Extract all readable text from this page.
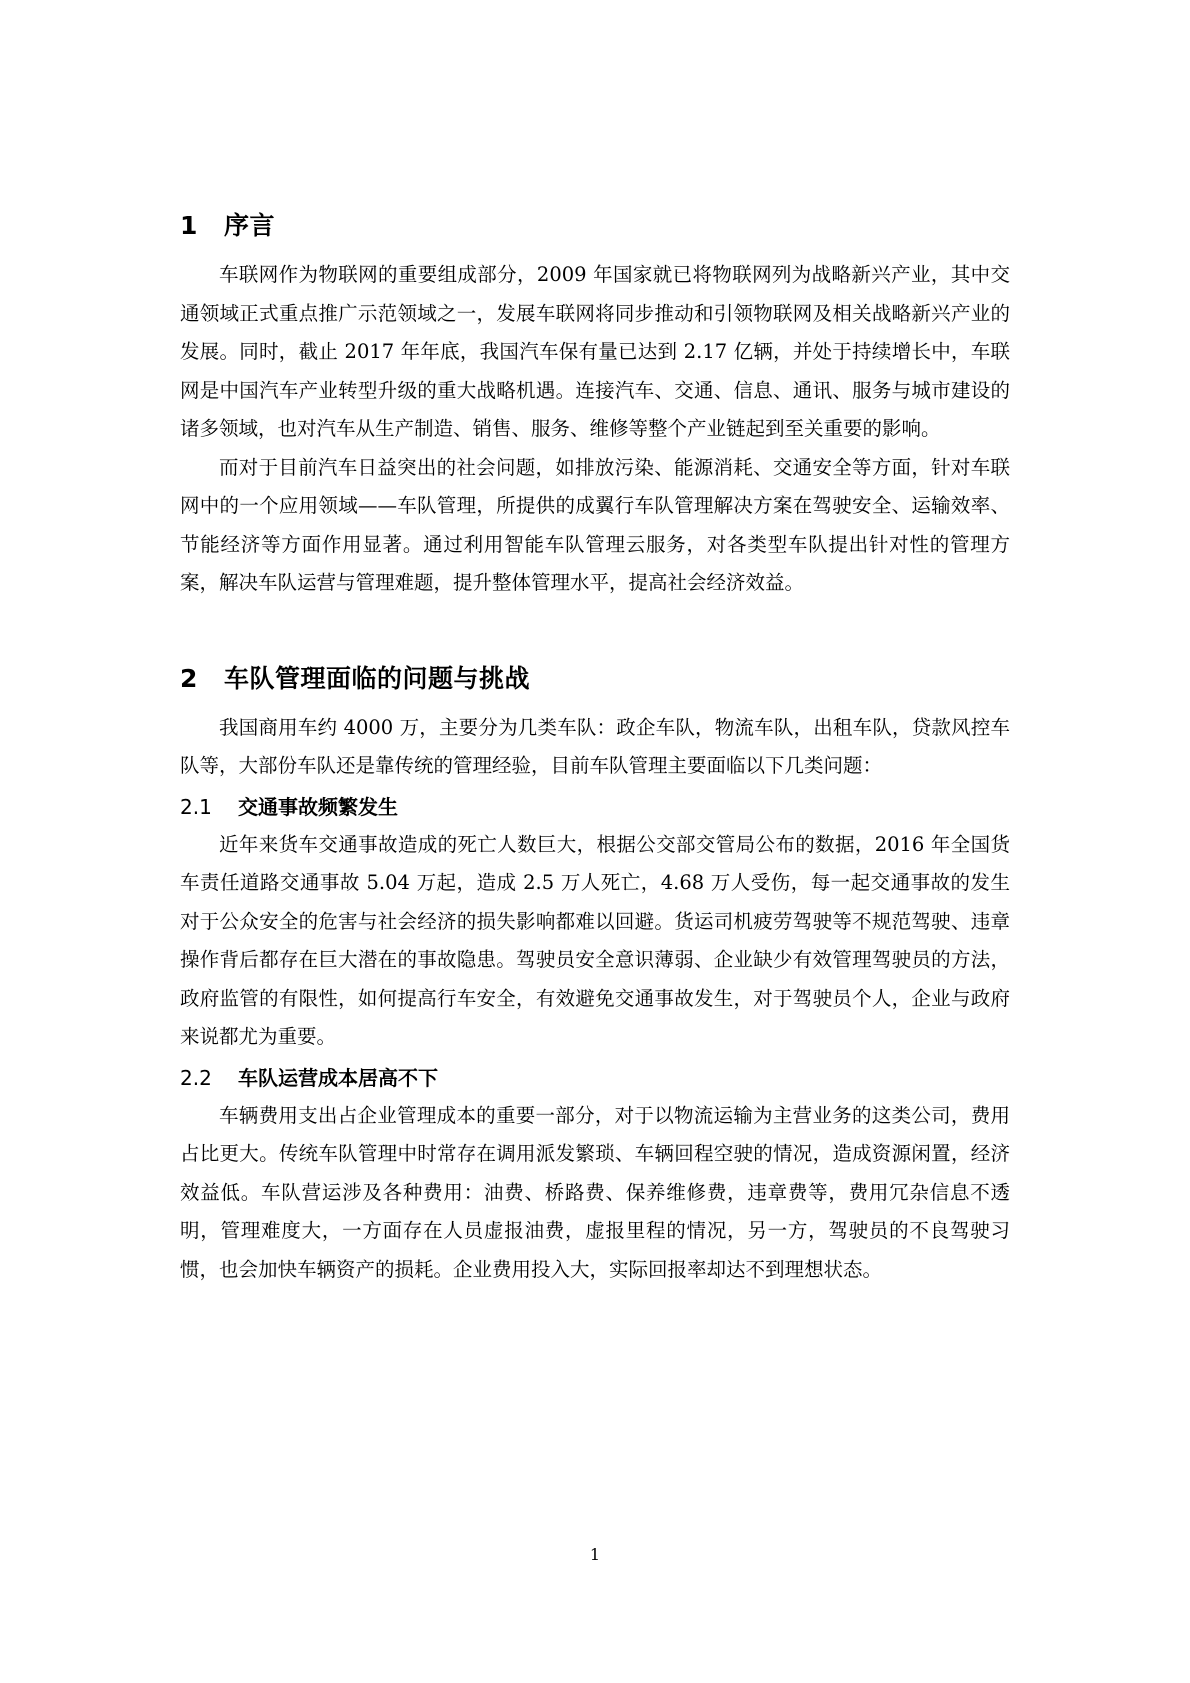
1 序言

车联网作为物联网的重要组成部分，2009 年国家就已将物联网列为战略新兴产业，其中交通领域正式重点推广示范领域之一，发展车联网将同步推动和引领物联网及相关战略新兴产业的发展。同时，截止 2017 年年底，我国汽车保有量已达到 2.17 亿辆，并处于持续增长中，车联网是中国汽车产业转型升级的重大战略机遇。连接汽车、交通、信息、通讯、服务与城市建设的诸多领域，也对汽车从生产制造、销售、服务、维修等整个产业链起到至关重要的影响。

而对于目前汽车日益突出的社会问题，如排放污染、能源消耗、交通安全等方面，针对车联网中的一个应用领域——车队管理，所提供的成翼行车队管理解决方案在驾驶安全、运输效率、节能经济等方面作用显著。通过利用智能车队管理云服务，对各类型车队提出针对性的管理方案，解决车队运营与管理难题，提升整体管理水平，提高社会经济效益。

2 车队管理面临的问题与挑战

我国商用车约 4000 万，主要分为几类车队：政企车队，物流车队，出租车队，贷款风控车队等，大部份车队还是靠传统的管理经验，目前车队管理主要面临以下几类问题：

2.1 交通事故频繁发生

近年来货车交通事故造成的死亡人数巨大，根据公交部交管局公布的数据，2016 年全国货车责任道路交通事故 5.04 万起，造成 2.5 万人死亡，4.68 万人受伤，每一起交通事故的发生对于公众安全的危害与社会经济的损失影响都难以回避。货运司机疲劳驾驶等不规范驾驶、违章操作背后都存在巨大潜在的事故隐患。驾驶员安全意识薄弱、企业缺少有效管理驾驶员的方法，政府监管的有限性，如何提高行车安全，有效避免交通事故发生，对于驾驶员个人，企业与政府来说都尤为重要。

2.2 车队运营成本居高不下

车辆费用支出占企业管理成本的重要一部分，对于以物流运输为主营业务的这类公司，费用占比更大。传统车队管理中时常存在调用派发繁琐、车辆回程空驶的情况，造成资源闲置，经济效益低。车队营运涉及各种费用：油费、桥路费、保养维修费，违章费等，费用冗杂信息不透明，管理难度大，一方面存在人员虚报油费，虚报里程的情况，另一方，驾驶员的不良驾驶习惯，也会加快车辆资产的损耗。企业费用投入大，实际回报率却达不到理想状态。

1
